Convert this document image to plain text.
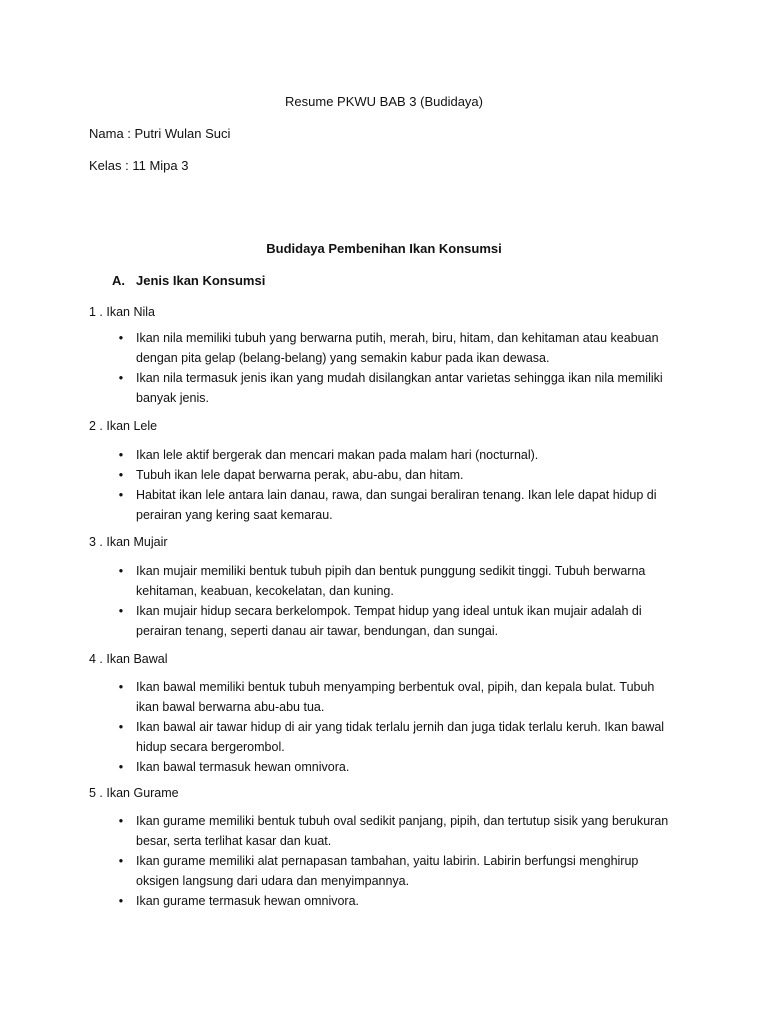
Resume PKWU BAB 3 (Budidaya)
Nama : Putri Wulan Suci
Kelas : 11 Mipa 3
Budidaya Pembenihan Ikan Konsumsi
A. Jenis Ikan Konsumsi
1 . Ikan Nila
•	Ikan nila memiliki tubuh yang berwarna putih, merah, biru, hitam, dan kehitaman atau keabuan dengan pita gelap (belang-belang) yang semakin kabur pada ikan dewasa.
•	Ikan nila termasuk jenis ikan yang mudah disilangkan antar varietas sehingga ikan nila memiliki banyak jenis.
2 . Ikan Lele
•	Ikan lele aktif bergerak dan mencari makan pada malam hari (nocturnal).
•	Tubuh ikan lele dapat berwarna perak, abu-abu, dan hitam.
•	Habitat ikan lele antara lain danau, rawa, dan sungai beraliran tenang. Ikan lele dapat hidup di perairan yang kering saat kemarau.
3 . Ikan Mujair
•	Ikan mujair memiliki bentuk tubuh pipih dan bentuk punggung sedikit tinggi. Tubuh berwarna kehitaman, keabuan, kecokelatan, dan kuning.
•	Ikan mujair hidup secara berkelompok. Tempat hidup yang ideal untuk ikan mujair adalah di perairan tenang, seperti danau air tawar, bendungan, dan sungai.
4 . Ikan Bawal
•	Ikan bawal memiliki bentuk tubuh menyamping berbentuk oval, pipih, dan kepala bulat. Tubuh ikan bawal berwarna abu-abu tua.
•	Ikan bawal air tawar hidup di air yang tidak terlalu jernih dan juga tidak terlalu keruh. Ikan bawal hidup secara bergerombol.
•	Ikan bawal termasuk hewan omnivora.
5 . Ikan Gurame
•	Ikan gurame memiliki bentuk tubuh oval sedikit panjang, pipih, dan tertutup sisik yang berukuran besar, serta terlihat kasar dan kuat.
•	Ikan gurame memiliki alat pernapasan tambahan, yaitu labirin. Labirin berfungsi menghirup oksigen langsung dari udara dan menyimpannya.
•	Ikan gurame termasuk hewan omnivora.
